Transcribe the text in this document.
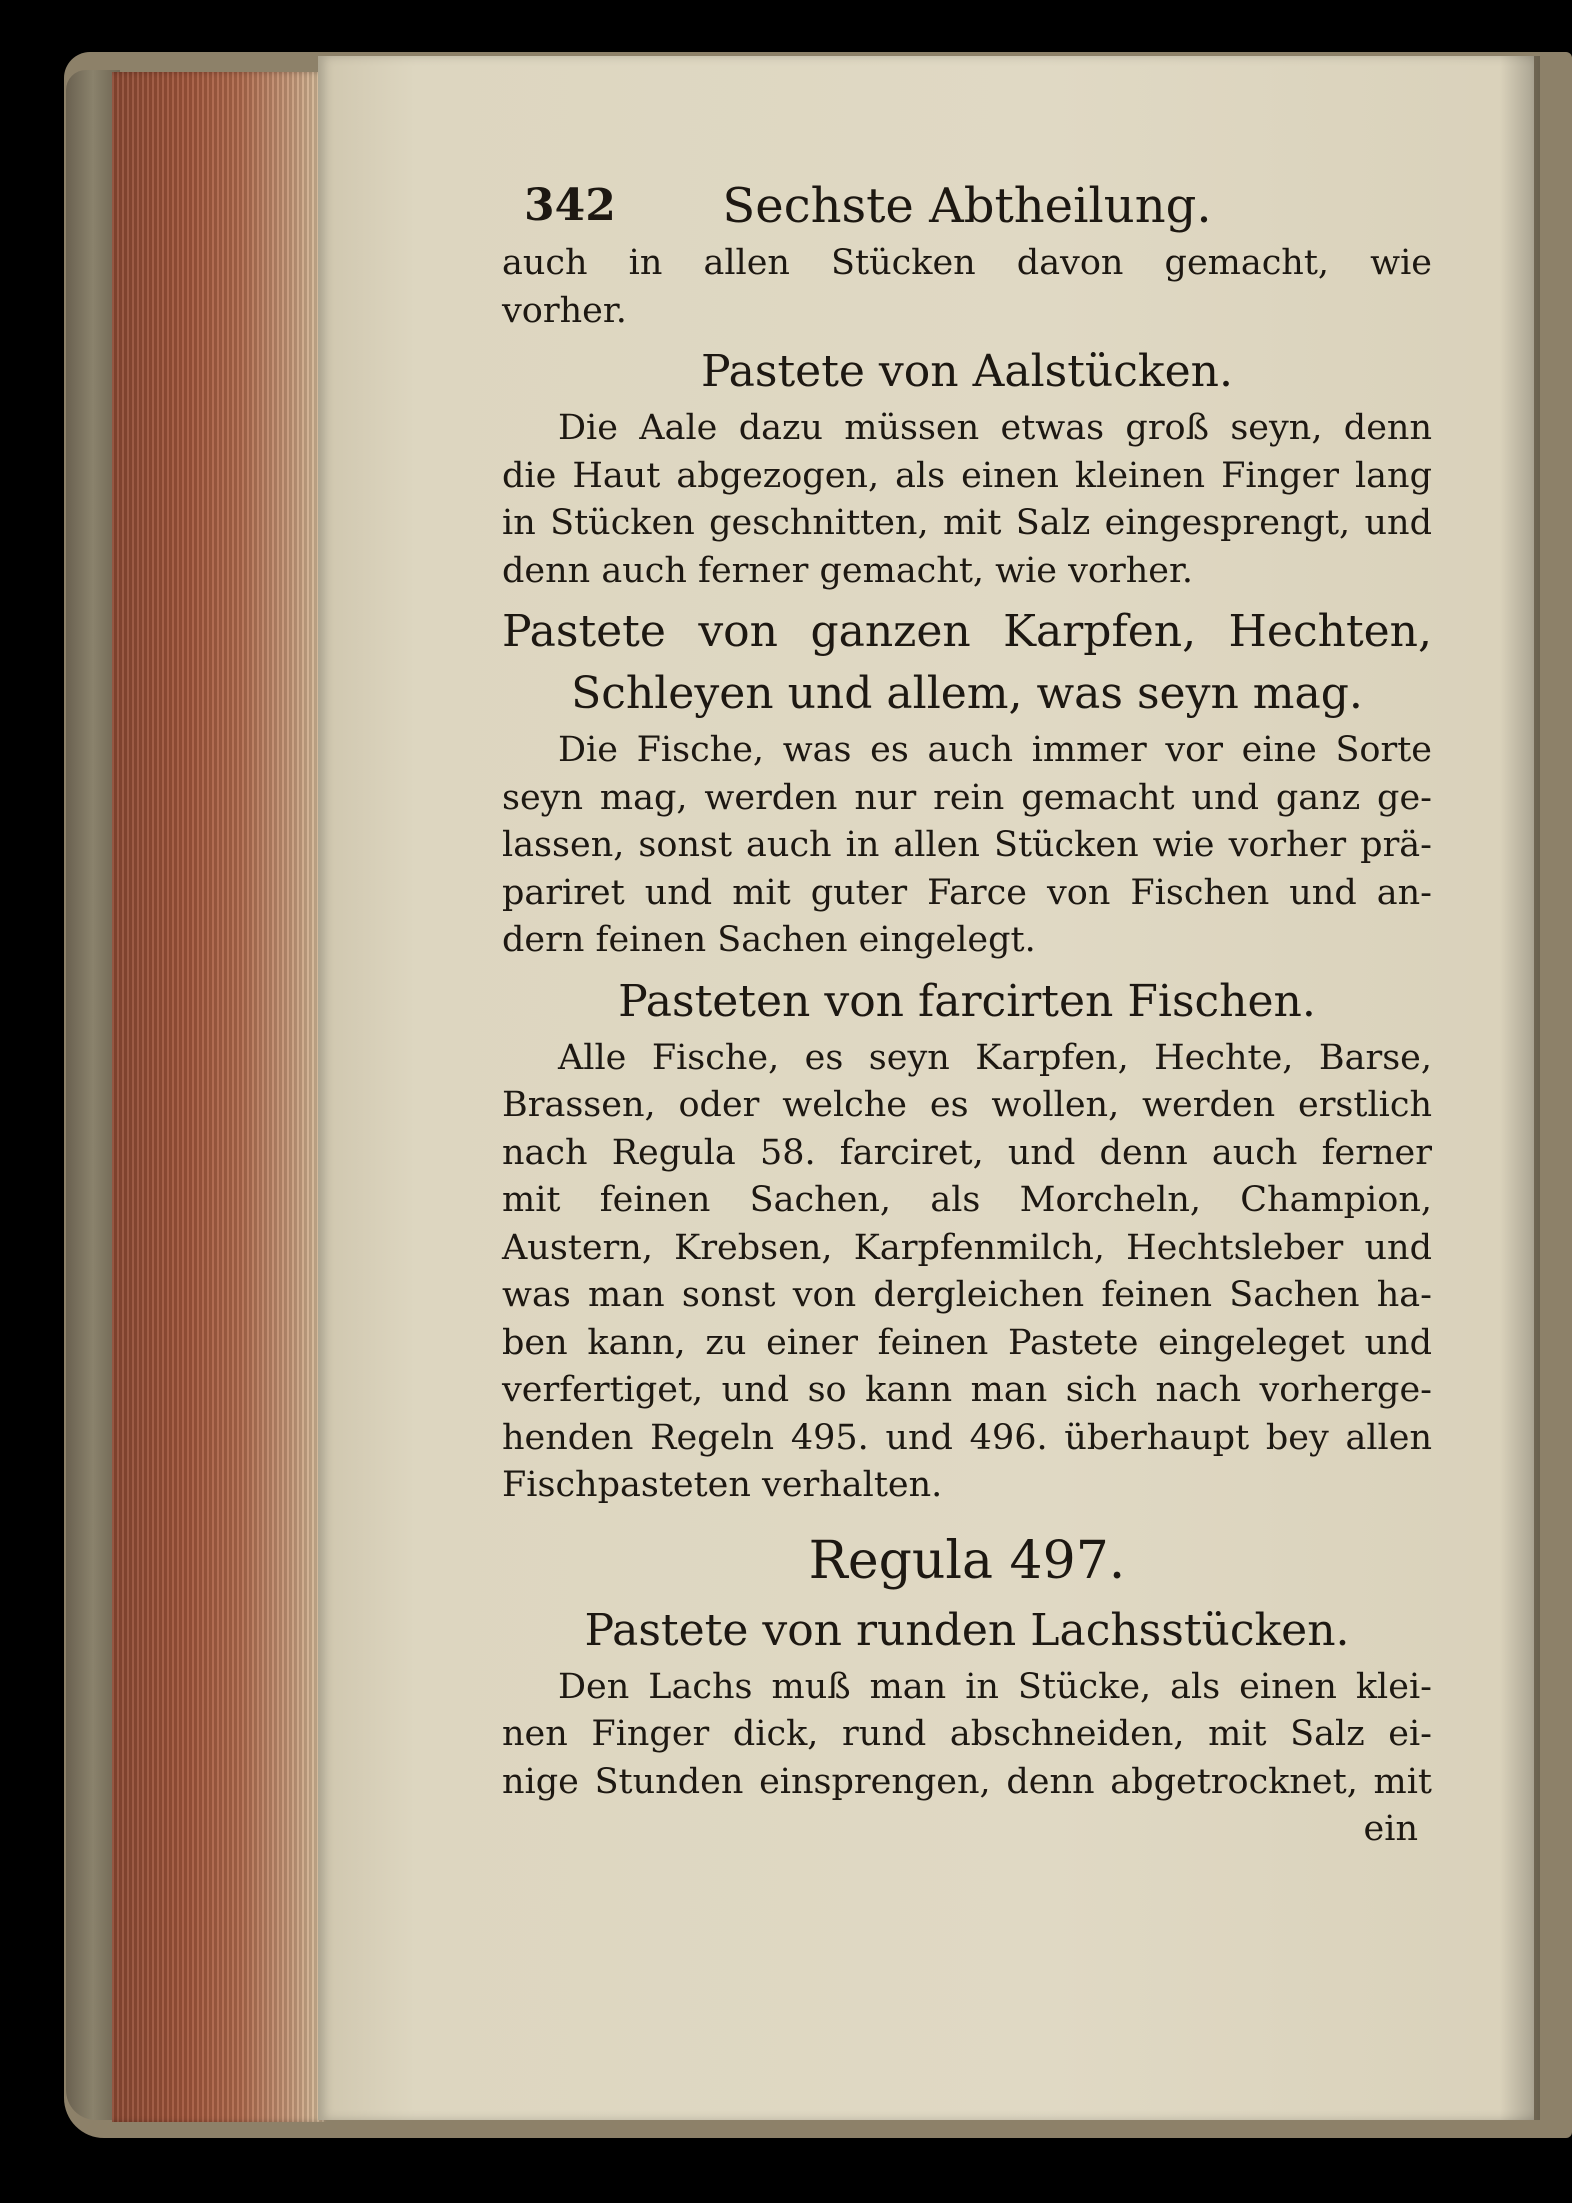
342	Sechste Abtheilung.
auch in allen Stücken davon gemacht, wie
vorher.
Pastete von Aalstücken.
Die Aale dazu müssen etwas groß seyn, denn
die Haut abgezogen, als einen kleinen Finger lang
in Stücken geschnitten, mit Salz eingesprengt, und
denn auch ferner gemacht, wie vorher.
Pastete von ganzen Karpfen, Hechten,
Schleyen und allem, was seyn mag.
Die Fische, was es auch immer vor eine Sorte
seyn mag, werden nur rein gemacht und ganz ge-
lassen, sonst auch in allen Stücken wie vorher prä-
pariret und mit guter Farce von Fischen und an-
dern feinen Sachen eingelegt.
Pasteten von farcirten Fischen.
Alle Fische, es seyn Karpfen, Hechte, Barse,
Brassen, oder welche es wollen, werden erstlich
nach Regula 58. farciret, und denn auch ferner
mit feinen Sachen, als Morcheln, Champion,
Austern, Krebsen, Karpfenmilch, Hechtsleber und
was man sonst von dergleichen feinen Sachen ha-
ben kann, zu einer feinen Pastete eingeleget und
verfertiget, und so kann man sich nach vorherge-
henden Regeln 495. und 496. überhaupt bey allen
Fischpasteten verhalten.
Regula 497.
Pastete von runden Lachsstücken.
Den Lachs muß man in Stücke, als einen klei-
nen Finger dick, rund abschneiden, mit Salz ei-
nige Stunden einsprengen, denn abgetrocknet, mit
ein
